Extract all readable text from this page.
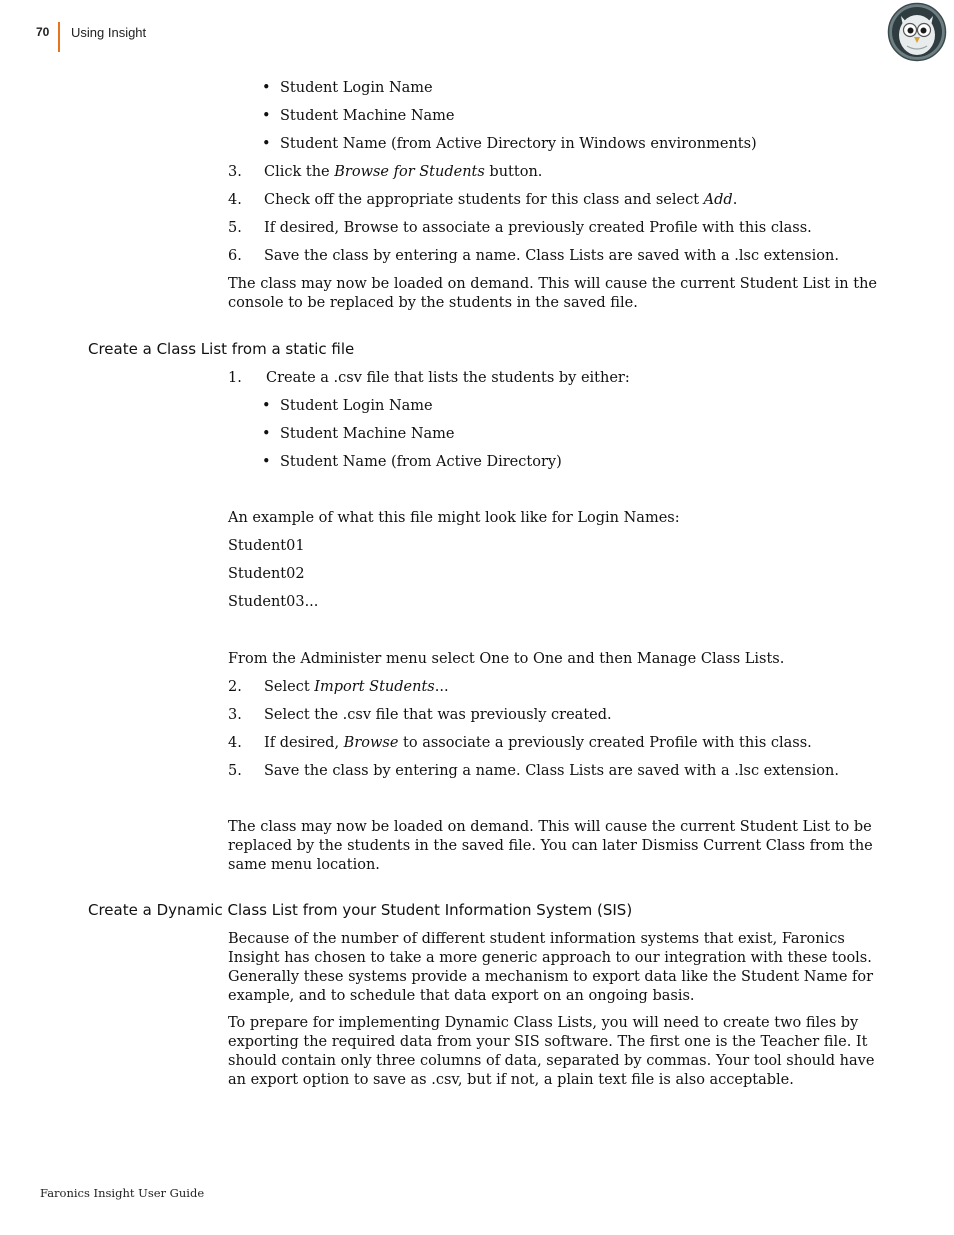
70 Using Insight
• Student Login Name
• Student Machine Name
• Student Name (from Active Directory in Windows environments)
3. Click the Browse for Students button.
4. Check off the appropriate students for this class and select Add.
5. If desired, Browse to associate a previously created Profile with this class.
6. Save the class by entering a name. Class Lists are saved with a .lsc extension.

The class may now be loaded on demand. This will cause the current Student List in the console to be replaced by the students in the saved file.

Create a Class List from a static file
1. Create a .csv file that lists the students by either:
• Student Login Name
• Student Machine Name
• Student Name (from Active Directory)

An example of what this file might look like for Login Names:

Student01

Student02

Student03...

From the Administer menu select One to One and then Manage Class Lists.

2. Select Import Students...
3. Select the .csv file that was previously created.
4. If desired, Browse to associate a previously created Profile with this class.
5. Save the class by entering a name. Class Lists are saved with a .lsc extension.

The class may now be loaded on demand. This will cause the current Student List to be replaced by the students in the saved file. You can later Dismiss Current Class from the same menu location.

Create a Dynamic Class List from your Student Information System (SIS)

Because of the number of different student information systems that exist, Faronics Insight has chosen to take a more generic approach to our integration with these tools. Generally these systems provide a mechanism to export data like the Student Name for example, and to schedule that data export on an ongoing basis.

To prepare for implementing Dynamic Class Lists, you will need to create two files by exporting the required data from your SIS software. The first one is the Teacher file. It should contain only three columns of data, separated by commas. Your tool should have an export option to save as .csv, but if not, a plain text file is also acceptable.

Faronics Insight User Guide
